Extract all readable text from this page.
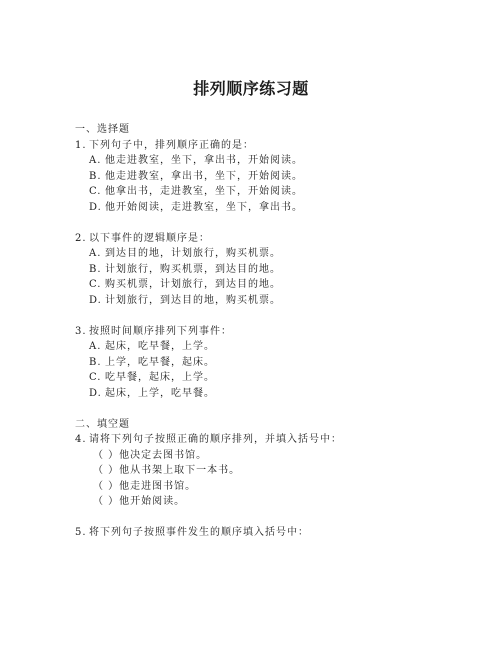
排列顺序练习题
一、选择题
1. 下列句子中，排列顺序正确的是：
A. 他走进教室，坐下，拿出书，开始阅读。
B. 他走进教室，拿出书，坐下，开始阅读。
C. 他拿出书，走进教室，坐下，开始阅读。
D. 他开始阅读，走进教室，坐下，拿出书。
2. 以下事件的逻辑顺序是：
A. 到达目的地，计划旅行，购买机票。
B. 计划旅行，购买机票，到达目的地。
C. 购买机票，计划旅行，到达目的地。
D. 计划旅行，到达目的地，购买机票。
3. 按照时间顺序排列下列事件：
A. 起床，吃早餐，上学。
B. 上学，吃早餐，起床。
C. 吃早餐，起床，上学。
D. 起床，上学，吃早餐。
二、填空题
4. 请将下列句子按照正确的顺序排列，并填入括号中：
（ ）他决定去图书馆。
（ ）他从书架上取下一本书。
（ ）他走进图书馆。
（ ）他开始阅读。
5. 将下列句子按照事件发生的顺序填入括号中：
